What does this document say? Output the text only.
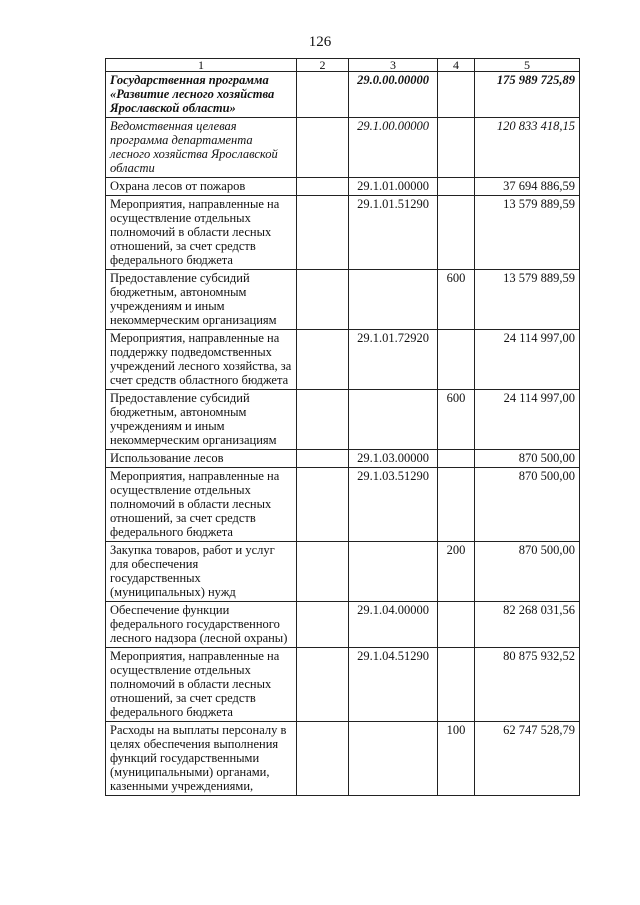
126
1	2	3	4	5
Государственная программа «Развитие лесного хозяйства Ярославской области»		29.0.00.00000		175 989 725,89
Ведомственная целевая программа департамента лесного хозяйства Ярославской области		29.1.00.00000		120 833 418,15
Охрана лесов от пожаров		29.1.01.00000		37 694 886,59
Мероприятия, направленные на осуществление отдельных полномочий в области лесных отношений, за счет средств федерального бюджета		29.1.01.51290		13 579 889,59
Предоставление субсидий бюджетным, автономным учреждениям и иным некоммерческим организациям			600	13 579 889,59
Мероприятия, направленные на поддержку подведомственных учреждений лесного хозяйства, за счет средств областного бюджета		29.1.01.72920		24 114 997,00
Предоставление субсидий бюджетным, автономным учреждениям и иным некоммерческим организациям			600	24 114 997,00
Использование лесов		29.1.03.00000		870 500,00
Мероприятия, направленные на осуществление отдельных полномочий в области лесных отношений, за счет средств федерального бюджета		29.1.03.51290		870 500,00
Закупка товаров, работ и услуг для обеспечения государственных (муниципальных) нужд			200	870 500,00
Обеспечение функции федерального государственного лесного надзора (лесной охраны)		29.1.04.00000		82 268 031,56
Мероприятия, направленные на осуществление отдельных полномочий в области лесных отношений, за счет средств федерального бюджета		29.1.04.51290		80 875 932,52
Расходы на выплаты персоналу в целях обеспечения выполнения функций государственными (муниципальными) органами, казенными учреждениями,			100	62 747 528,79
